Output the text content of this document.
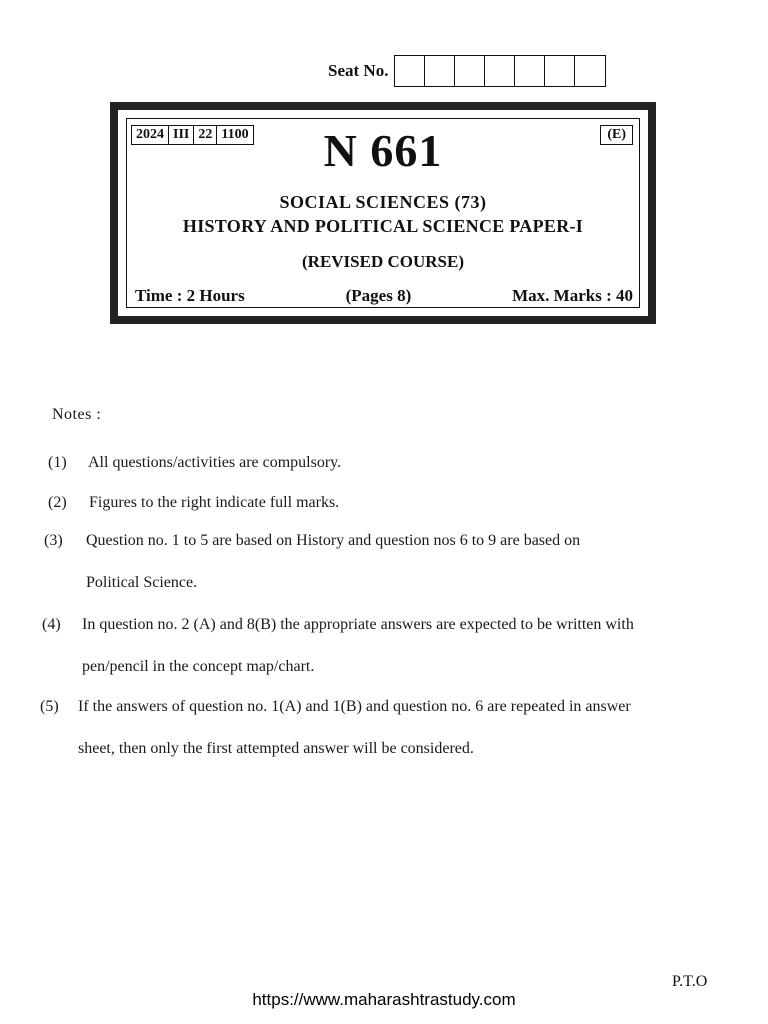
Seat No.
2024 III 22 1100	(E)
N 661
SOCIAL SCIENCES (73)
HISTORY AND POLITICAL SCIENCE PAPER-I
(REVISED COURSE)
Time : 2 Hours	(Pages 8)	Max. Marks : 40
Notes :
(1)	All questions/activities are compulsory.
(2)	Figures to the right indicate full marks.
(3)	Question no. 1 to 5 are based on History and question nos 6 to 9 are based on Political Science.
(4)	In question no. 2 (A) and 8(B) the appropriate answers are expected to be written with pen/pencil in the concept map/chart.
(5)	If the answers of question no. 1(A) and 1(B) and question no. 6 are repeated in answer sheet, then only the first attempted answer will be considered.
P.T.O
https://www.maharashtrastudy.com
